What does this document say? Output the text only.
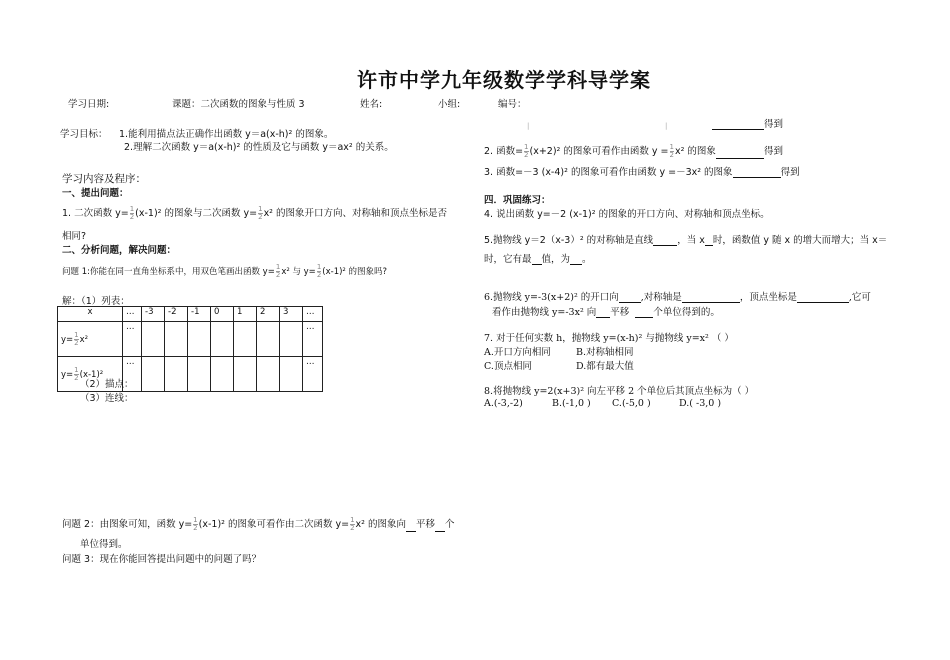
许市中学九年级数学学科导学案
学习日期:	课题：二次函数的图象与性质 3	姓名:	小组:	编号：
学习目标： 1.能利用描点法正确作出函数 y＝a(x-h)² 的图象。
2.理解二次函数 y＝a(x-h)² 的性质及它与函数 y＝ax² 的关系。
学习内容及程序：
一、提出问题：
1. 二次函数 $y= \frac{1}{2} (x-1)^2$ 的图象与二次函数 $y= \frac{1}{2} x^2$ 的图象开口方向、对称轴和顶点坐标是否
相同?
二、分析问题，解决问题：
问题 1:你能在同一直角坐标系中，用双色笔画出函数 $y= \frac{1}{2} x^2$ 与 $y= \frac{1}{2} (x-1)^2$ 的图象吗?
解：（1）列表：
x	…	-3	-2	-1	0	1	2	3	…
$y= \frac{1}{2} x^2$	…								…
$y= \frac{1}{2} (x-1)^2$	…								…
（2）描点：
（3）连线：
问题 2：由图象可知，函数 $y= \frac{1}{2} (x-1)^2$ 的图象可看作由二次函数 $y= \frac{1}{2} x^2$ 的图象向 平移 个
单位得到。
问题 3：现在你能回答提出问题中的问题了吗？
|	|	得到
2. 函数= $\frac{1}{2} (x+2)^2$ 的图象可看作由函数 $y = \frac{1}{2} x^2$ 的图象	得到
3. 函数=－3 (x-4)² 的图象可看作由函数 y =－3x² 的图象	得到
四．巩固练习：
4. 说出函数 y=－2 (x-1)² 的图象的开口方向、对称轴和顶点坐标。
5.抛物线 y＝2（x-3）² 的对称轴是直线	，当 x 时，函数值 y 随 x 的增大而增大；当 x＝
时，它有最 值，为 。
6.抛物线 y=-3(x+2)² 的开口向 ,对称轴是	，顶点坐标是	,它可
看作由抛物线 y=-3x² 向 平移	个单位得到的。
7. 对于任何实数 h，抛物线 y=(x-h)² 与抛物线 y=x² （ ）
A.开口方向相同	B.对称轴相同
C.顶点相同	D.都有最大值
8.将抛物线 y=2(x+3)² 向左平移 2 个单位后其顶点坐标为（ ）
A.(-3,-2)	B.(-1,0 ) C.(-5,0 )	D.( -3,0 )
